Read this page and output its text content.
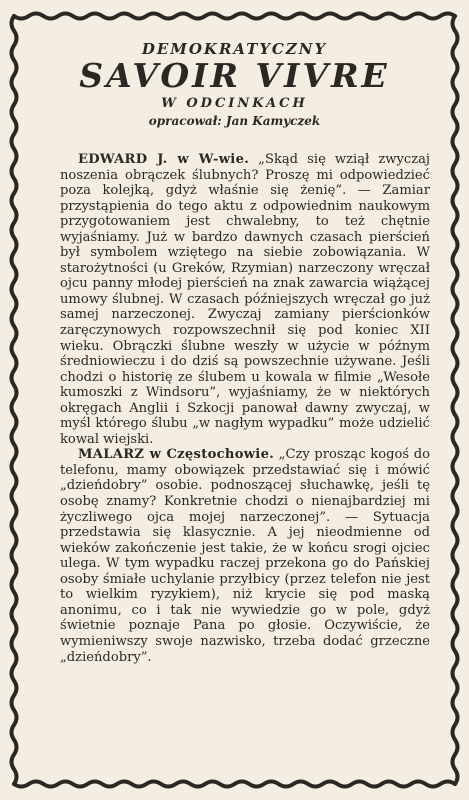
DEMOKRATYCZNY
SAVOIR VIVRE
W ODCINKACH
opracował: Jan Kamyczek

EDWARD J. w W-wie. „Skąd się wziął zwyczaj noszenia obrączek ślubnych? Proszę mi odpowiedzieć poza kolejką, gdyż właśnie się żenię”. — Zamiar przystąpienia do tego aktu z odpowiednim naukowym przygotowaniem jest chwalebny, to też chętnie wyjaśniamy. Już w bardzo dawnych czasach pierścień był symbolem wziętego na siebie zobowiązania. W starożytności (u Greków, Rzymian) narzeczony wręczał ojcu panny młodej pierścień na znak zawarcia wiążącej umowy ślubnej. W czasach późniejszych wręczał go już samej narzeczonej. Zwyczaj zamiany pierścionków zaręczynowych rozpowszechnił się pod koniec XII wieku. Obrączki ślubne weszły w użycie w późnym średniowieczu i do dziś są powszechnie używane. Jeśli chodzi o historię ze ślubem u kowala w filmie „Wesołe kumoszki z Windsoru”, wyjaśniamy, że w niektórych okręgach Anglii i Szkocji panował dawny zwyczaj, w myśl którego ślubu „w nagłym wypadku” może udzielić kowal wiejski.

MALARZ w Częstochowie. „Czy prosząc kogoś do telefonu, mamy obowiązek przedstawiać się i mówić „dzieńdobry” osobie. podnoszącej słuchawkę, jeśli tę osobę znamy? Konkretnie chodzi o nienajbardziej mi życzliwego ojca mojej narzeczonej”. — Sytuacja przedstawia się klasycznie. A jej nieodmienne od wieków zakończenie jest takie, że w końcu srogi ojciec ulega. W tym wypadku raczej przekona go do Pańskiej osoby śmiałe uchylanie przyłbicy (przez telefon nie jest to wielkim ryzykiem), niż krycie się pod maską anonimu, co i tak nie wywiedzie go w pole, gdyż świetnie poznaje Pana po głosie. Oczywiście, że wymieniwszy swoje nazwisko, trzeba dodać grzeczne „dzieńdobry”.
